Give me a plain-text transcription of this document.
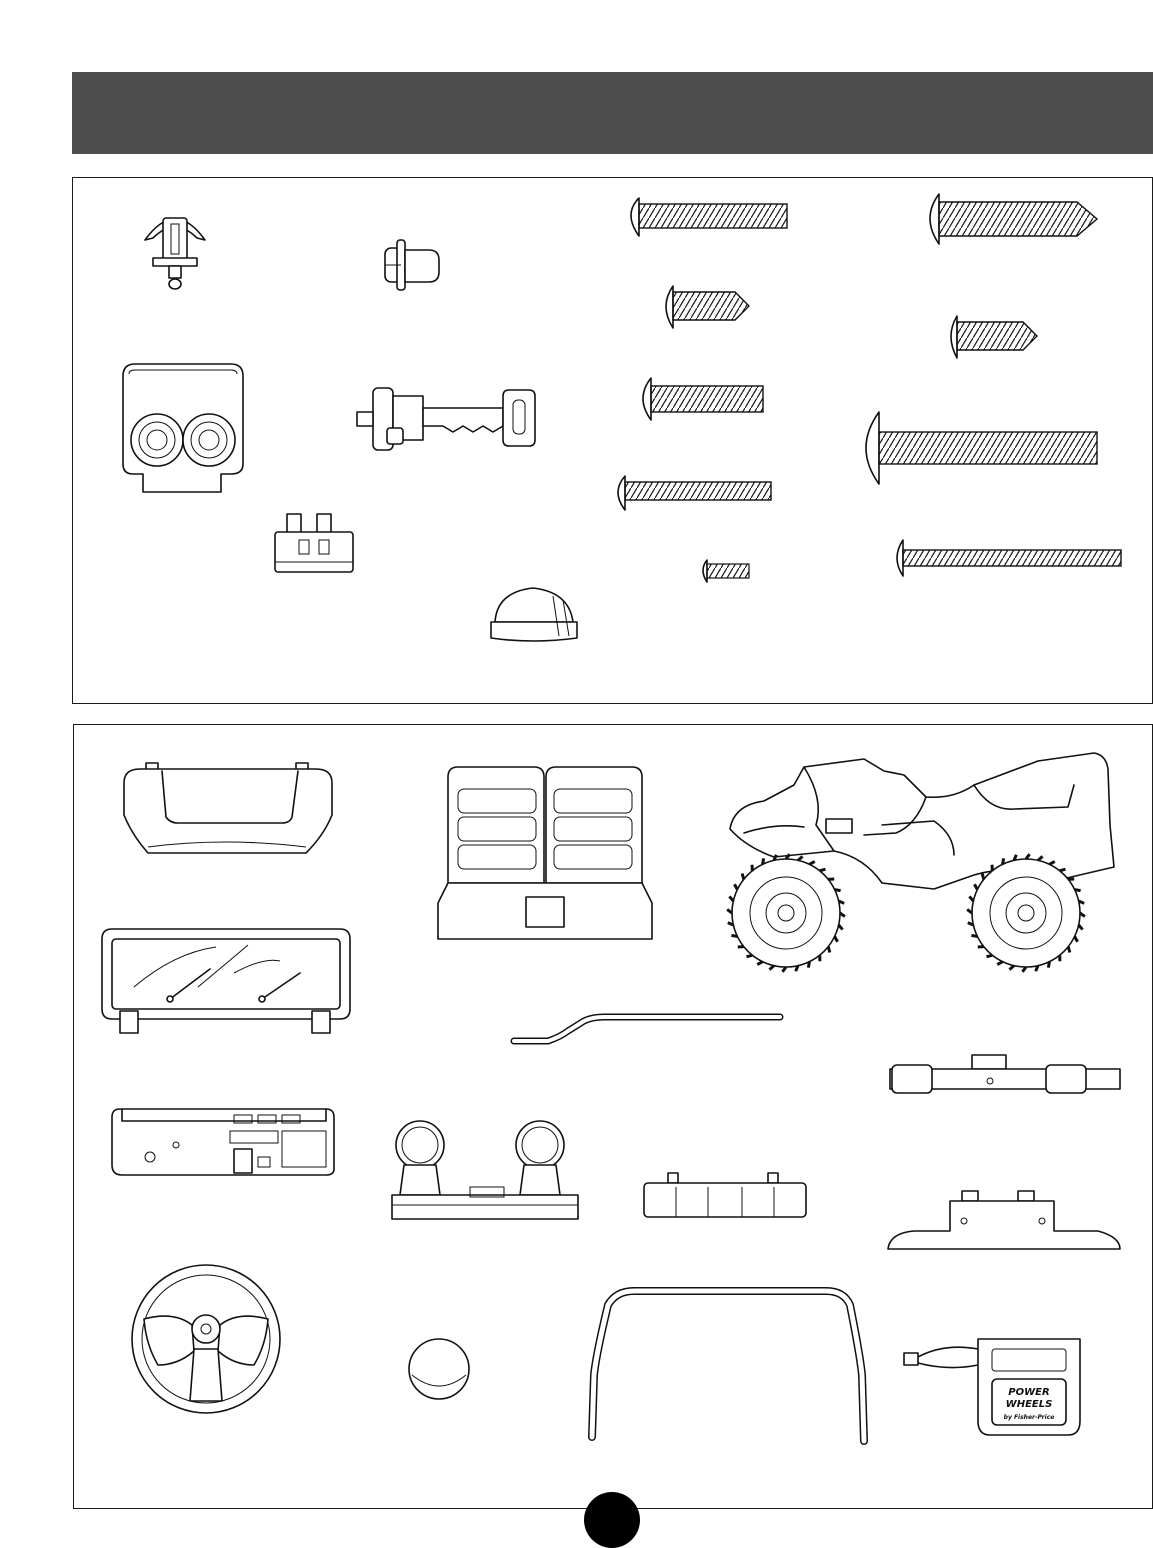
POWER
WHEELS
by Fisher-Price
